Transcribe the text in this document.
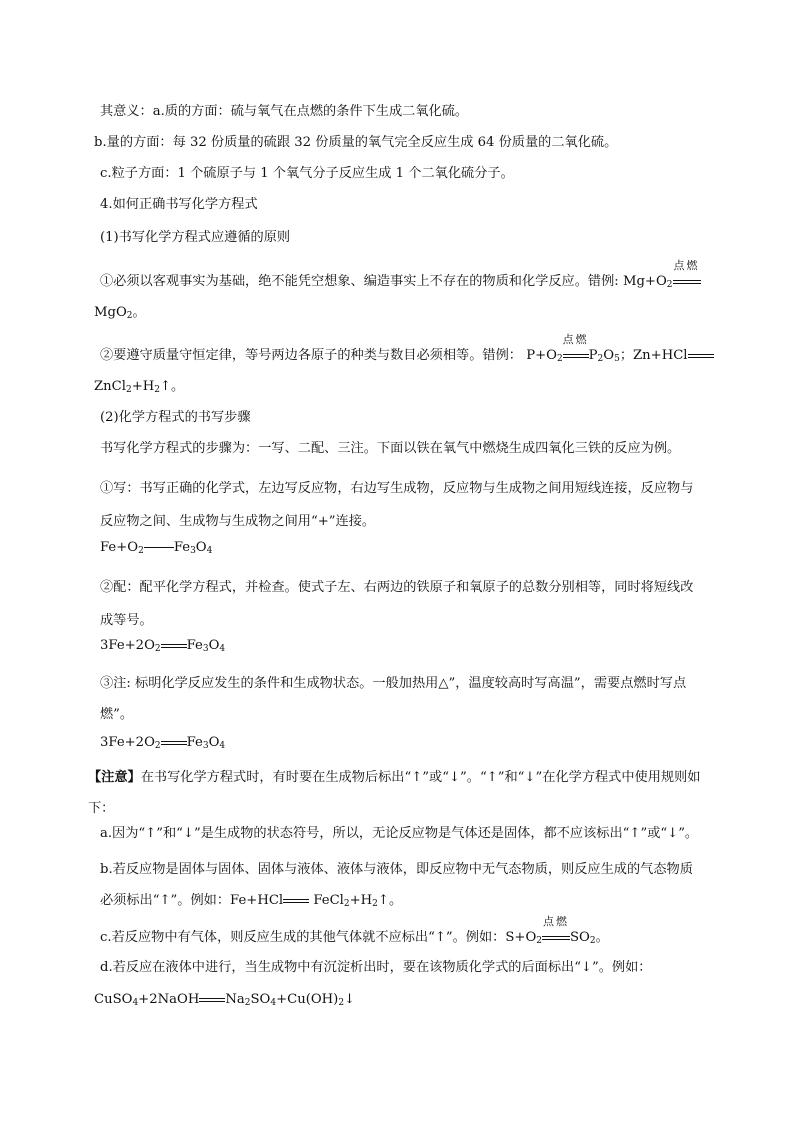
其意义：a.质的方面：硫与氧气在点燃的条件下生成二氧化硫。
b.量的方面：每 32 份质量的硫跟 32 份质量的氧气完全反应生成 64 份质量的二氧化硫。
c.粒子方面：1 个硫原子与 1 个氧气分子反应生成 1 个二氧化硫分子。
4.如何正确书写化学方程式
(1)书写化学方程式应遵循的原则
①必须以客观事实为基础，绝不能凭空想象、编造事实上不存在的物质和化学反应。错例: $Mg+O_2$
点燃
MgO$_2$。
②要遵守质量守恒定律，等号两边各原子的种类与数目必须相等。错例： $P+O_2$
点燃
$P_2O_5$；Zn+HCl
$ZnCl_2+H_2↑$。
(2)化学方程式的书写步骤
书写化学方程式的步骤为：一写、二配、三注。下面以铁在氧气中燃烧生成四氧化三铁的反应为例。
①写：书写正确的化学式，左边写反应物，右边写生成物，反应物与生成物之间用短线连接，反应物与反应物之间、生成物与生成物之间用“+”连接。
$Fe+O_2$ $Fe_3O_4$
②配：配平化学方程式，并检查。使式子左、右两边的铁原子和氧原子的总数分别相等，同时将短线改成等号。
$3Fe+2O_2$ $Fe_3O_4$
③注: 标明化学反应发生的条件和生成物状态。一般加热用△”，温度较高时写高温”，需要点燃时写点燃”。
$3Fe+2O_2$ $Fe_3O_4$
【注意】在书写化学方程式时，有时要在生成物后标出“↑”或“↓”。“↑”和“↓”在化学方程式中使用规则如下：
a.因为“↑”和“↓”是生成物的状态符号，所以，无论反应物是气体还是固体，都不应该标出“↑”或“↓”。
b.若反应物是固体与固体、固体与液体、液体与液体，即反应物中无气态物质，则反应生成的气态物质必须标出“↑”。例如：Fe+HCl $FeCl_2+H_2↑$。
c.若反应物中有气体，则反应生成的其他气体就不应标出“↑”。例如：$S+O_2$
点燃
$SO_2$。
d.若反应在液体中进行，当生成物中有沉淀析出时，要在该物质化学式的后面标出“↓”。例如：
CuSO$_4$+2NaOH $Na_2SO_4+Cu(OH)_2↓$
